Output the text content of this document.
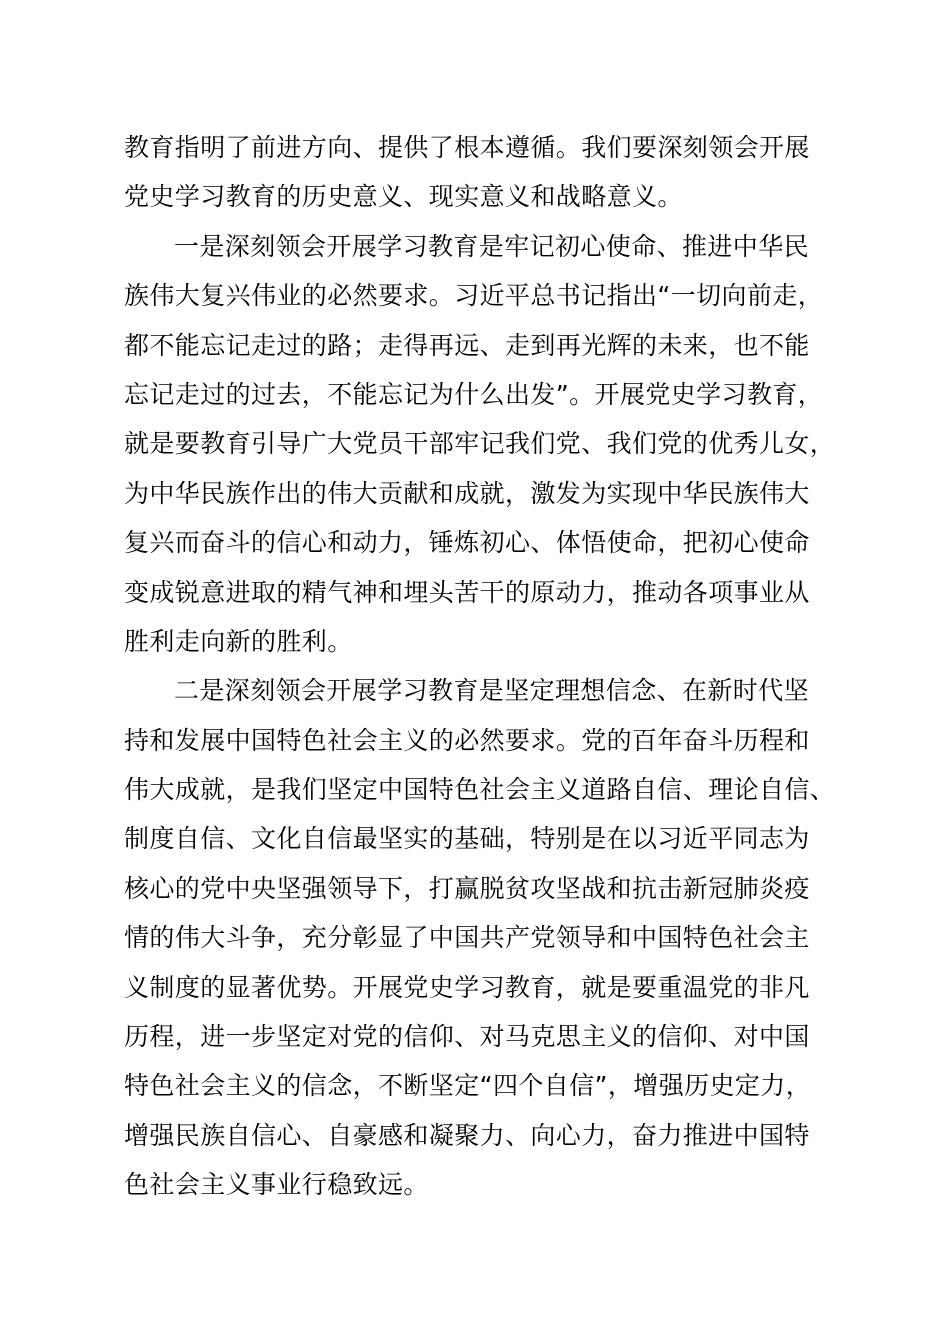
教育指明了前进方向、提供了根本遵循。我们要深刻领会开展
党史学习教育的历史意义、现实意义和战略意义。
一是深刻领会开展学习教育是牢记初心使命、推进中华民
族伟大复兴伟业的必然要求。习近平总书记指出“一切向前走，
都不能忘记走过的路；走得再远、走到再光辉的未来，也不能
忘记走过的过去，不能忘记为什么出发”。开展党史学习教育，
就是要教育引导广大党员干部牢记我们党、我们党的优秀儿女，
为中华民族作出的伟大贡献和成就，激发为实现中华民族伟大
复兴而奋斗的信心和动力，锤炼初心、体悟使命，把初心使命
变成锐意进取的精气神和埋头苦干的原动力，推动各项事业从
胜利走向新的胜利。
二是深刻领会开展学习教育是坚定理想信念、在新时代坚
持和发展中国特色社会主义的必然要求。党的百年奋斗历程和
伟大成就，是我们坚定中国特色社会主义道路自信、理论自信、
制度自信、文化自信最坚实的基础，特别是在以习近平同志为
核心的党中央坚强领导下，打赢脱贫攻坚战和抗击新冠肺炎疫
情的伟大斗争，充分彰显了中国共产党领导和中国特色社会主
义制度的显著优势。开展党史学习教育，就是要重温党的非凡
历程，进一步坚定对党的信仰、对马克思主义的信仰、对中国
特色社会主义的信念，不断坚定“四个自信”，增强历史定力，
增强民族自信心、自豪感和凝聚力、向心力，奋力推进中国特
色社会主义事业行稳致远。
